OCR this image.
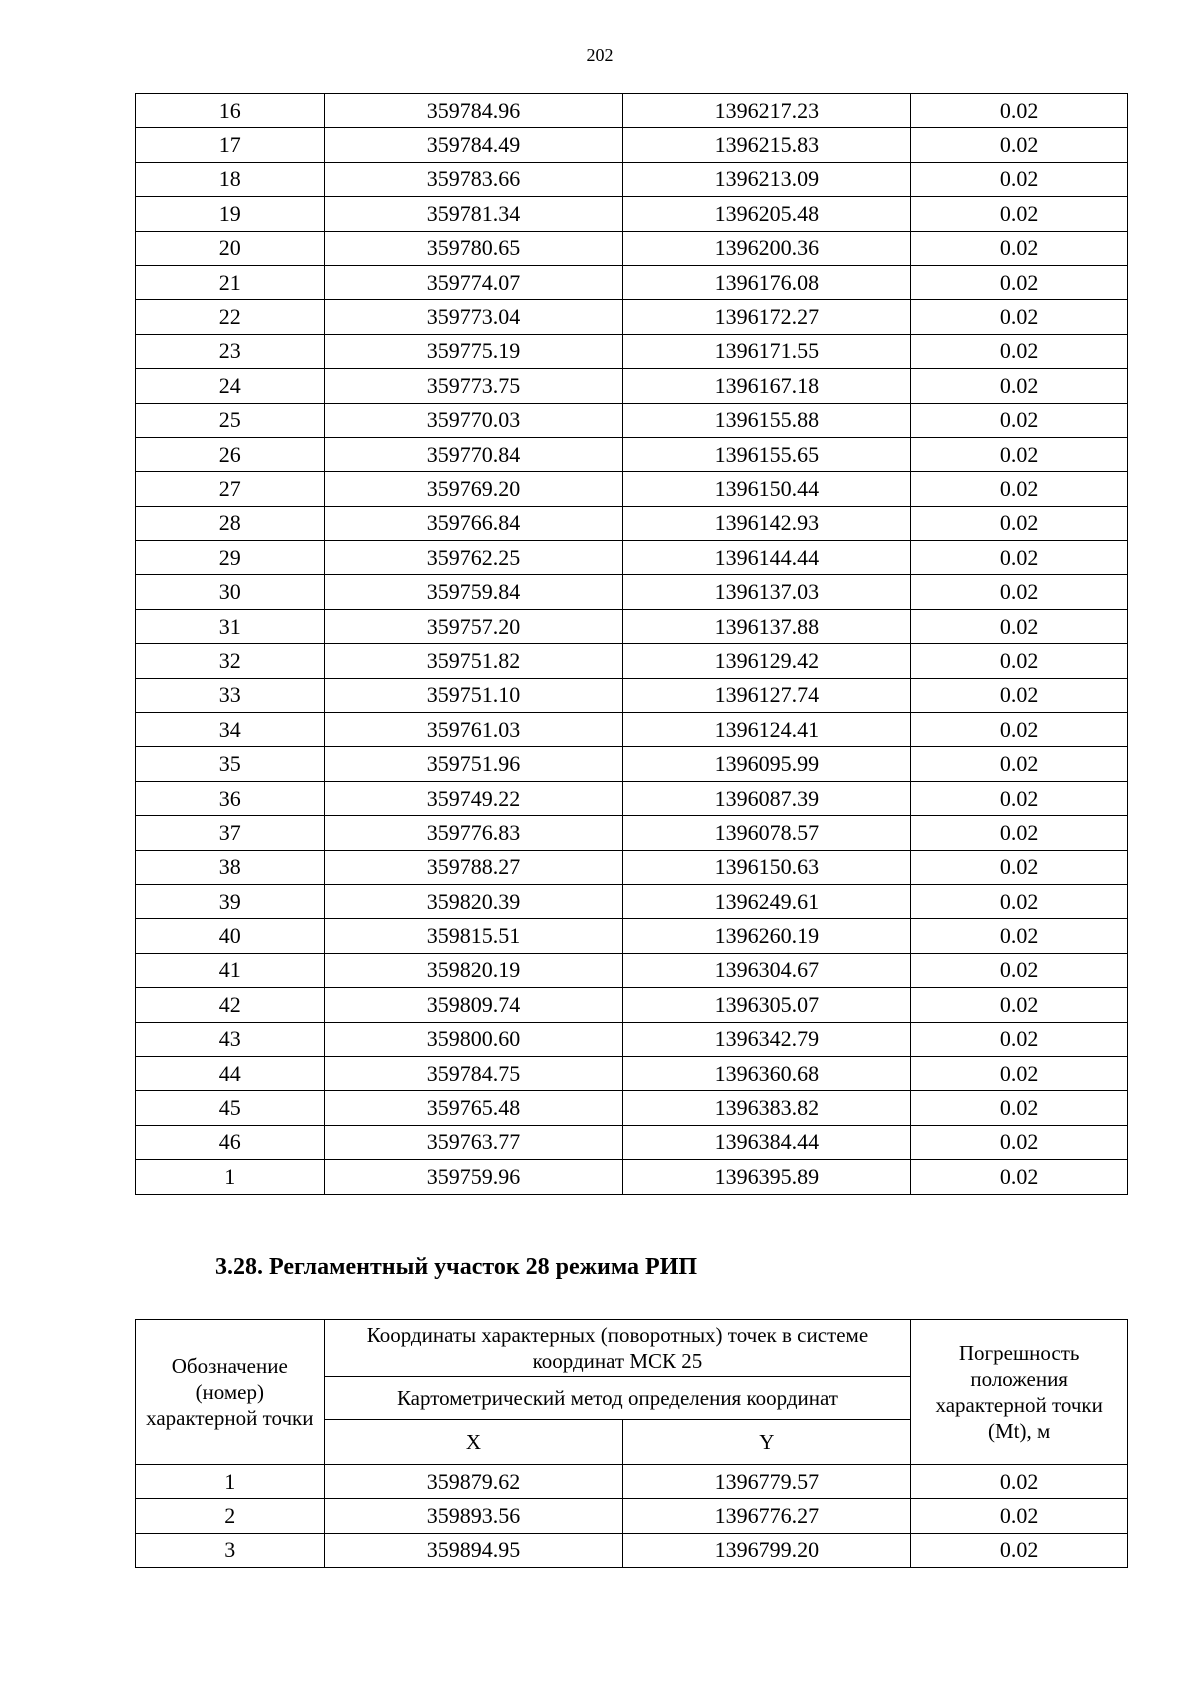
202
16	359784.96	1396217.23	0.02
17	359784.49	1396215.83	0.02
18	359783.66	1396213.09	0.02
19	359781.34	1396205.48	0.02
20	359780.65	1396200.36	0.02
21	359774.07	1396176.08	0.02
22	359773.04	1396172.27	0.02
23	359775.19	1396171.55	0.02
24	359773.75	1396167.18	0.02
25	359770.03	1396155.88	0.02
26	359770.84	1396155.65	0.02
27	359769.20	1396150.44	0.02
28	359766.84	1396142.93	0.02
29	359762.25	1396144.44	0.02
30	359759.84	1396137.03	0.02
31	359757.20	1396137.88	0.02
32	359751.82	1396129.42	0.02
33	359751.10	1396127.74	0.02
34	359761.03	1396124.41	0.02
35	359751.96	1396095.99	0.02
36	359749.22	1396087.39	0.02
37	359776.83	1396078.57	0.02
38	359788.27	1396150.63	0.02
39	359820.39	1396249.61	0.02
40	359815.51	1396260.19	0.02
41	359820.19	1396304.67	0.02
42	359809.74	1396305.07	0.02
43	359800.60	1396342.79	0.02
44	359784.75	1396360.68	0.02
45	359765.48	1396383.82	0.02
46	359763.77	1396384.44	0.02
1	359759.96	1396395.89	0.02
3.28. Регламентный участок 28 режима РИП
Обозначение (номер) характерной точки	Координаты характерных (поворотных) точек в системе координат МСК 25		Погрешность положения характерной точки (Mt), м
	Картометрический метод определения координат		
	X	Y	
1	359879.62	1396779.57	0.02
2	359893.56	1396776.27	0.02
3	359894.95	1396799.20	0.02
